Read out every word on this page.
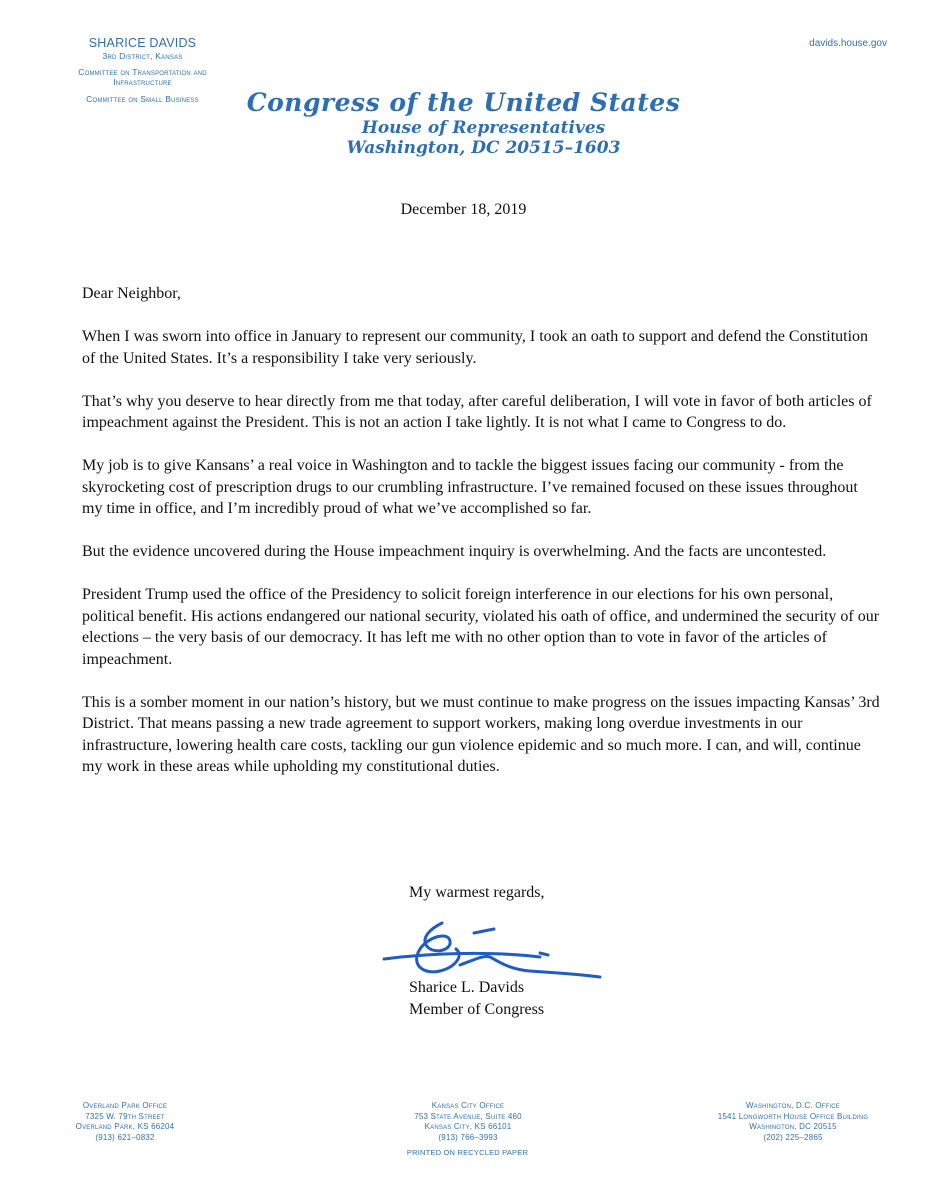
SHARICE DAVIDS
3rd District, Kansas
Committee on Transportation and
Infrastructure
Committee on Small Business
davids.house.gov
Congress of the United States
House of Representatives
Washington, DC 20515–1603
December 18, 2019

Dear Neighbor,

When I was sworn into office in January to represent our community, I took an oath to support and defend the Constitution of the United States. It’s a responsibility I take very seriously.

That’s why you deserve to hear directly from me that today, after careful deliberation, I will vote in favor of both articles of impeachment against the President. This is not an action I take lightly. It is not what I came to Congress to do.

My job is to give Kansans’ a real voice in Washington and to tackle the biggest issues facing our community - from the skyrocketing cost of prescription drugs to our crumbling infrastructure. I’ve remained focused on these issues throughout my time in office, and I’m incredibly proud of what we’ve accomplished so far.

But the evidence uncovered during the House impeachment inquiry is overwhelming. And the facts are uncontested.

President Trump used the office of the Presidency to solicit foreign interference in our elections for his own personal, political benefit. His actions endangered our national security, violated his oath of office, and undermined the security of our elections – the very basis of our democracy. It has left me with no other option than to vote in favor of the articles of impeachment.

This is a somber moment in our nation’s history, but we must continue to make progress on the issues impacting Kansas’ 3rd District. That means passing a new trade agreement to support workers, making long overdue investments in our infrastructure, lowering health care costs, tackling our gun violence epidemic and so much more. I can, and will, continue my work in these areas while upholding my constitutional duties.

My warmest regards,
Sharice L. Davids
Member of Congress
Overland Park Office
7325 W. 79th Street
Overland Park, KS 66204
(913) 621–0832
Kansas City Office
753 State Avenue, Suite 460
Kansas City, KS 66101
(913) 766–3993
Washington, D.C. Office
1541 Longworth House Office Building
Washington, DC 20515
(202) 225–2865
PRINTED ON RECYCLED PAPER
